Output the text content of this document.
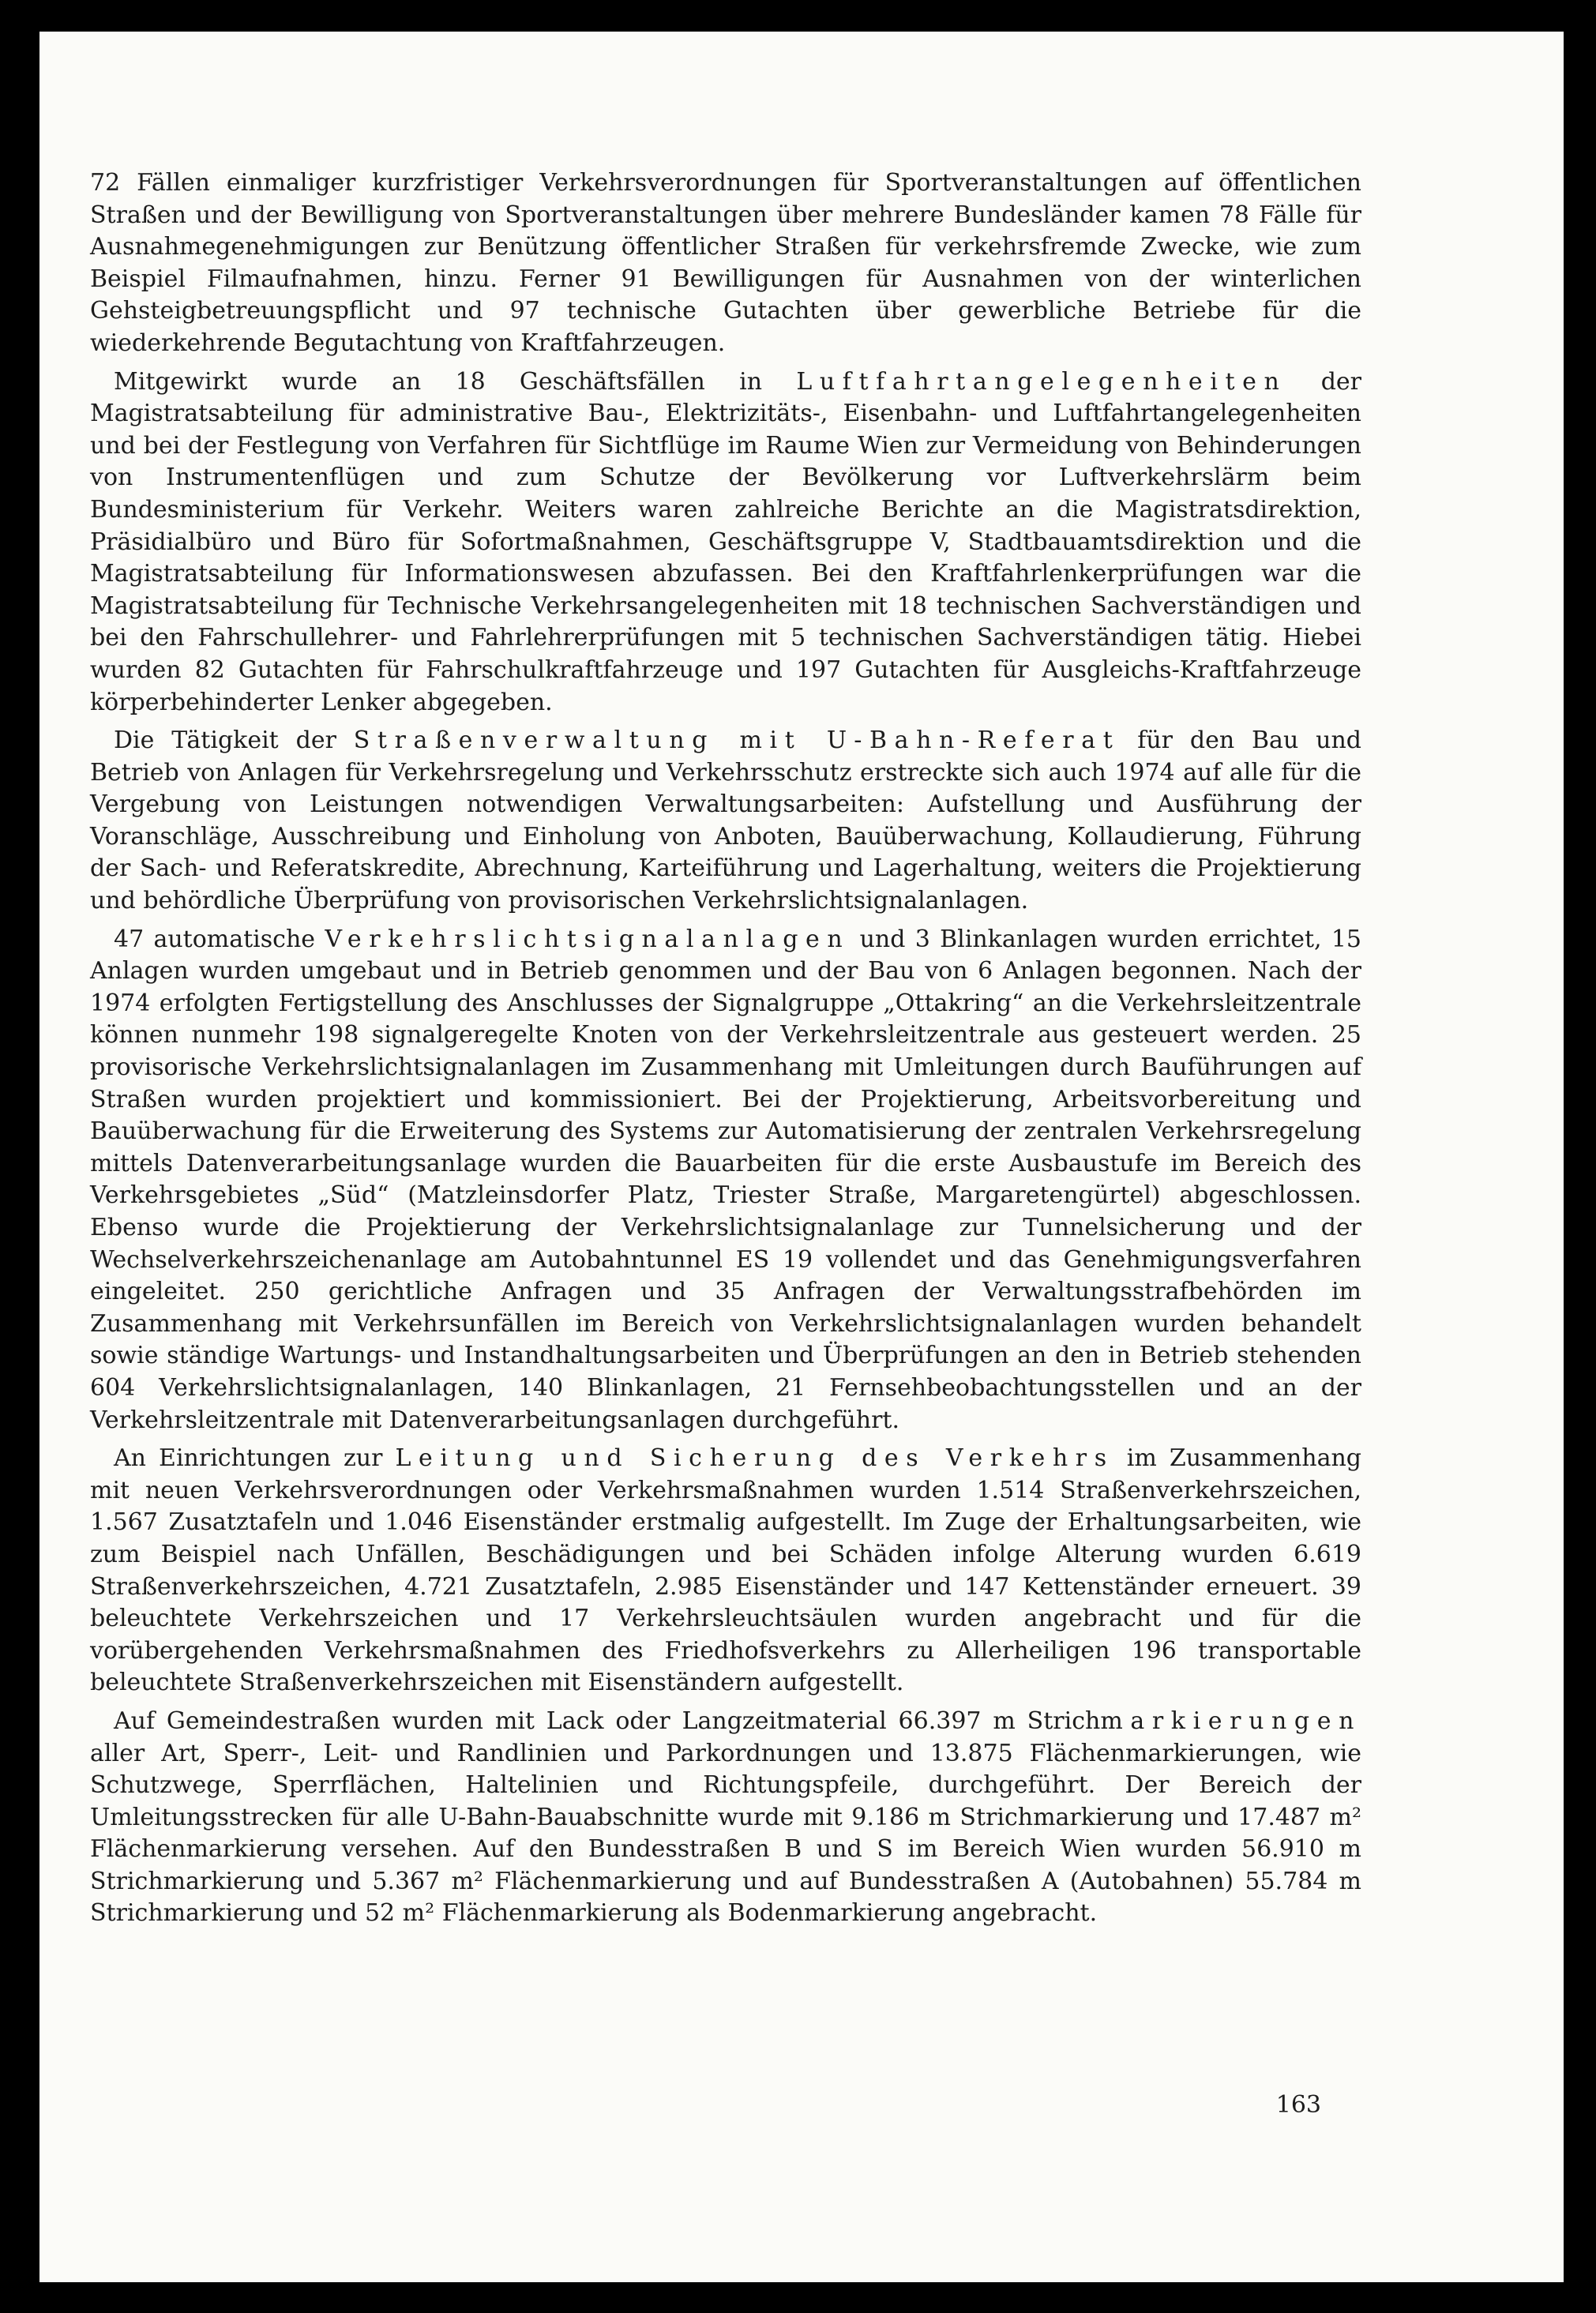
72 Fällen einmaliger kurzfristiger Verkehrsverordnungen für Sportveranstaltungen auf öffentlichen Straßen und der Bewilligung von Sportveranstaltungen über mehrere Bundesländer kamen 78 Fälle für Ausnahmegenehmigungen zur Benützung öffentlicher Straßen für verkehrsfremde Zwecke, wie zum Beispiel Filmaufnahmen, hinzu. Ferner 91 Bewilligungen für Ausnahmen von der winterlichen Gehsteigbetreuungspflicht und 97 technische Gutachten über gewerbliche Betriebe für die wiederkehrende Begutachtung von Kraftfahrzeugen.

Mitgewirkt wurde an 18 Geschäftsfällen in Luftfahrtangelegenheiten der Magistratsabteilung für administrative Bau-, Elektrizitäts-, Eisenbahn- und Luftfahrtangelegenheiten und bei der Festlegung von Verfahren für Sichtflüge im Raume Wien zur Vermeidung von Behinderungen von Instrumentenflügen und zum Schutze der Bevölkerung vor Luftverkehrslärm beim Bundesministerium für Verkehr. Weiters waren zahlreiche Berichte an die Magistratsdirektion, Präsidialbüro und Büro für Sofortmaßnahmen, Geschäftsgruppe V, Stadtbauamtsdirektion und die Magistratsabteilung für Informationswesen abzufassen. Bei den Kraftfahrlenkerprüfungen war die Magistratsabteilung für Technische Verkehrsangelegenheiten mit 18 technischen Sachverständigen und bei den Fahrschullehrer- und Fahrlehrerprüfungen mit 5 technischen Sachverständigen tätig. Hiebei wurden 82 Gutachten für Fahrschulkraftfahrzeuge und 197 Gutachten für Ausgleichs-Kraftfahrzeuge körperbehinderter Lenker abgegeben.

Die Tätigkeit der Straßenverwaltung mit U-Bahn-Referat für den Bau und Betrieb von Anlagen für Verkehrsregelung und Verkehrsschutz erstreckte sich auch 1974 auf alle für die Vergebung von Leistungen notwendigen Verwaltungsarbeiten: Aufstellung und Ausführung der Voranschläge, Ausschreibung und Einholung von Anboten, Bauüberwachung, Kollaudierung, Führung der Sach- und Referatskredite, Abrechnung, Karteiführung und Lagerhaltung, weiters die Projektierung und behördliche Überprüfung von provisorischen Verkehrslichtsignalanlagen.

47 automatische Verkehrslichtsignalanlagen und 3 Blinkanlagen wurden errichtet, 15 Anlagen wurden umgebaut und in Betrieb genommen und der Bau von 6 Anlagen begonnen. Nach der 1974 erfolgten Fertigstellung des Anschlusses der Signalgruppe „Ottakring“ an die Verkehrsleitzentrale können nunmehr 198 signalgeregelte Knoten von der Verkehrsleitzentrale aus gesteuert werden. 25 provisorische Verkehrslichtsignalanlagen im Zusammenhang mit Umleitungen durch Bauführungen auf Straßen wurden projektiert und kommissioniert. Bei der Projektierung, Arbeitsvorbereitung und Bauüberwachung für die Erweiterung des Systems zur Automatisierung der zentralen Verkehrsregelung mittels Datenverarbeitungsanlage wurden die Bauarbeiten für die erste Ausbaustufe im Bereich des Verkehrsgebietes „Süd“ (Matzleinsdorfer Platz, Triester Straße, Margaretengürtel) abgeschlossen. Ebenso wurde die Projektierung der Verkehrslichtsignalanlage zur Tunnelsicherung und der Wechselverkehrszeichenanlage am Autobahntunnel ES 19 vollendet und das Genehmigungsverfahren eingeleitet. 250 gerichtliche Anfragen und 35 Anfragen der Verwaltungsstrafbehörden im Zusammenhang mit Verkehrsunfällen im Bereich von Verkehrslichtsignalanlagen wurden behandelt sowie ständige Wartungs- und Instandhaltungsarbeiten und Überprüfungen an den in Betrieb stehenden 604 Verkehrslichtsignalanlagen, 140 Blinkanlagen, 21 Fernsehbeobachtungsstellen und an der Verkehrsleitzentrale mit Datenverarbeitungsanlagen durchgeführt.

An Einrichtungen zur Leitung und Sicherung des Verkehrs im Zusammenhang mit neuen Verkehrsverordnungen oder Verkehrsmaßnahmen wurden 1.514 Straßenverkehrszeichen, 1.567 Zusatztafeln und 1.046 Eisenständer erstmalig aufgestellt. Im Zuge der Erhaltungsarbeiten, wie zum Beispiel nach Unfällen, Beschädigungen und bei Schäden infolge Alterung wurden 6.619 Straßenverkehrszeichen, 4.721 Zusatztafeln, 2.985 Eisenständer und 147 Kettenständer erneuert. 39 beleuchtete Verkehrszeichen und 17 Verkehrsleuchtsäulen wurden angebracht und für die vorübergehenden Verkehrsmaßnahmen des Friedhofsverkehrs zu Allerheiligen 196 transportable beleuchtete Straßenverkehrszeichen mit Eisenständern aufgestellt.

Auf Gemeindestraßen wurden mit Lack oder Langzeitmaterial 66.397 m Strichmarkierungen aller Art, Sperr-, Leit- und Randlinien und Parkordnungen und 13.875 Flächenmarkierungen, wie Schutzwege, Sperrflächen, Haltelinien und Richtungspfeile, durchgeführt. Der Bereich der Umleitungsstrecken für alle U-Bahn-Bauabschnitte wurde mit 9.186 m Strichmarkierung und 17.487 m² Flächenmarkierung versehen. Auf den Bundesstraßen B und S im Bereich Wien wurden 56.910 m Strichmarkierung und 5.367 m² Flächenmarkierung und auf Bundesstraßen A (Autobahnen) 55.784 m Strichmarkierung und 52 m² Flächenmarkierung als Bodenmarkierung angebracht.

163
